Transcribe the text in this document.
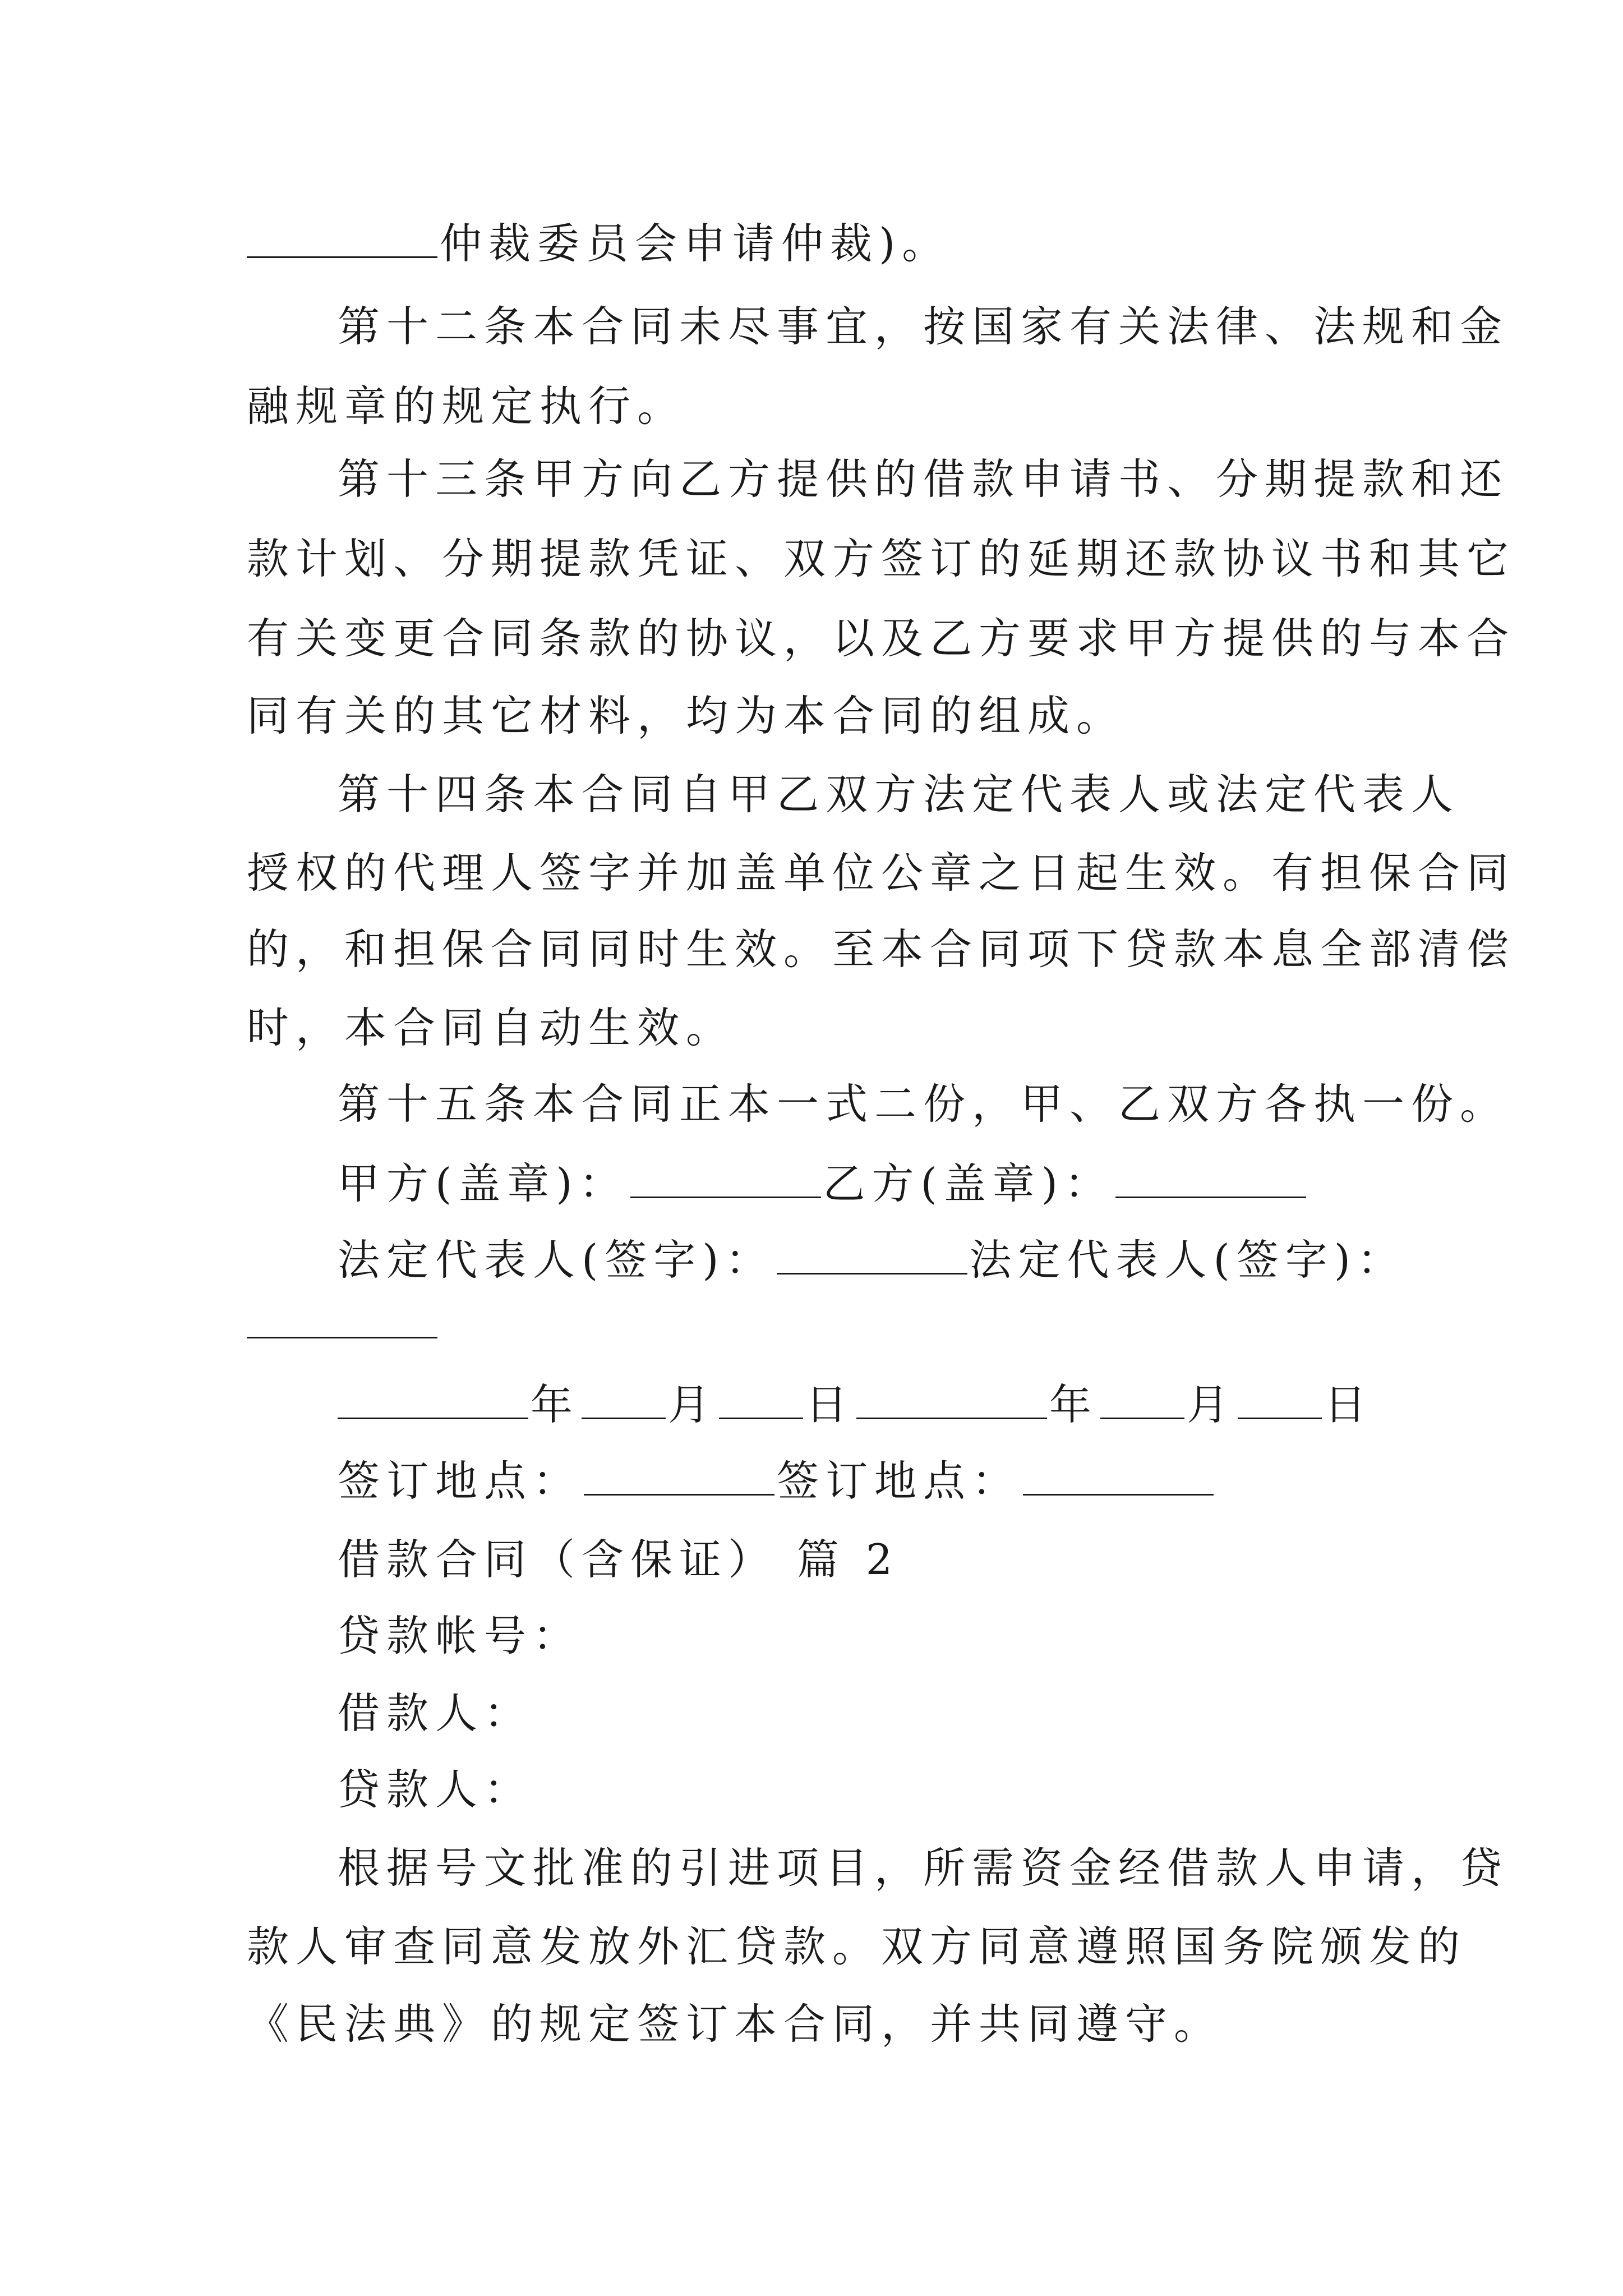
仲裁委员会申请仲裁)。
第十二条本合同未尽事宜，按国家有关法律、法规和金
融规章的规定执行。
第十三条甲方向乙方提供的借款申请书、分期提款和还
款计划、分期提款凭证、双方签订的延期还款协议书和其它
有关变更合同条款的协议，以及乙方要求甲方提供的与本合
同有关的其它材料，均为本合同的组成。
第十四条本合同自甲乙双方法定代表人或法定代表人
授权的代理人签字并加盖单位公章之日起生效。有担保合同
的，和担保合同同时生效。至本合同项下贷款本息全部清偿
时，本合同自动生效。
第十五条本合同正本一式二份，甲、乙双方各执一份。
甲方(盖章)：	乙方(盖章)：
法定代表人(签字)：	法定代表人(签字)：
年 月 日	年 月 日
签订地点：	签订地点：
借款合同（含保证） 篇 2
贷款帐号：
借款人：
贷款人：
根据号文批准的引进项目，所需资金经借款人申请，贷
款人审查同意发放外汇贷款。双方同意遵照国务院颁发的
《民法典》的规定签订本合同，并共同遵守。
